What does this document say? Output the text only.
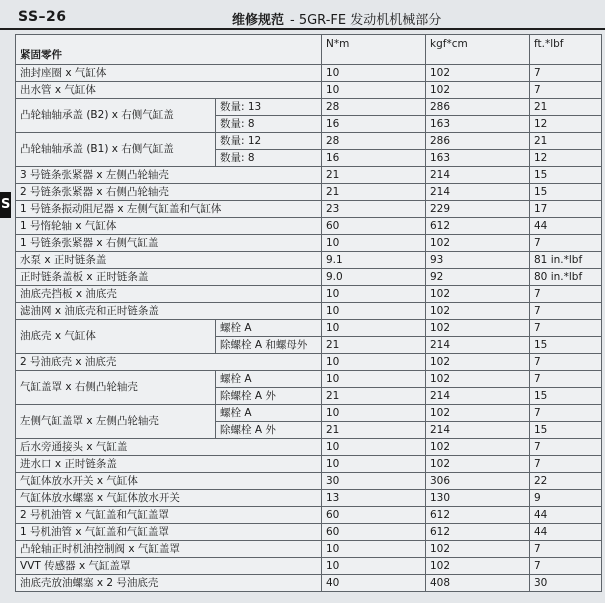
SS–26	维修规范 - 5GR-FE 发动机机械部分
S
紧固零件		N*m	kgf*cm	ft.*lbf
油封座圈 x 气缸体		10	102	7
出水管 x 气缸体		10	102	7
凸轮轴轴承盖 (B2) x 右侧气缸盖	数量: 13	28	286	21
	数量: 8	16	163	12
凸轮轴轴承盖 (B1) x 右侧气缸盖	数量: 12	28	286	21
	数量: 8	16	163	12
3 号链条张紧器 x 左侧凸轮轴壳		21	214	15
2 号链条张紧器 x 右侧凸轮轴壳		21	214	15
1 号链条振动阻尼器 x 左侧气缸盖和气缸体		23	229	17
1 号惰轮轴 x 气缸体		60	612	44
1 号链条张紧器 x 右侧气缸盖		10	102	7
水泵 x 正时链条盖		9.1	93	81 in.*lbf
正时链条盖板 x 正时链条盖		9.0	92	80 in.*lbf
油底壳挡板 x 油底壳		10	102	7
滤油网 x 油底壳和正时链条盖		10	102	7
油底壳 x 气缸体	螺栓 A	10	102	7
	除螺栓 A 和螺母外	21	214	15
2 号油底壳 x 油底壳		10	102	7
气缸盖罩 x 右侧凸轮轴壳	螺栓 A	10	102	7
	除螺栓 A 外	21	214	15
左侧气缸盖罩 x 左侧凸轮轴壳	螺栓 A	10	102	7
	除螺栓 A 外	21	214	15
后水旁通接头 x 气缸盖		10	102	7
进水口 x 正时链条盖		10	102	7
气缸体放水开关 x 气缸体		30	306	22
气缸体放水螺塞 x 气缸体放水开关		13	130	9
2 号机油管 x 气缸盖和气缸盖罩		60	612	44
1 号机油管 x 气缸盖和气缸盖罩		60	612	44
凸轮轴正时机油控制阀 x 气缸盖罩		10	102	7
VVT 传感器 x 气缸盖罩		10	102	7
油底壳放油螺塞 x 2 号油底壳		40	408	30
